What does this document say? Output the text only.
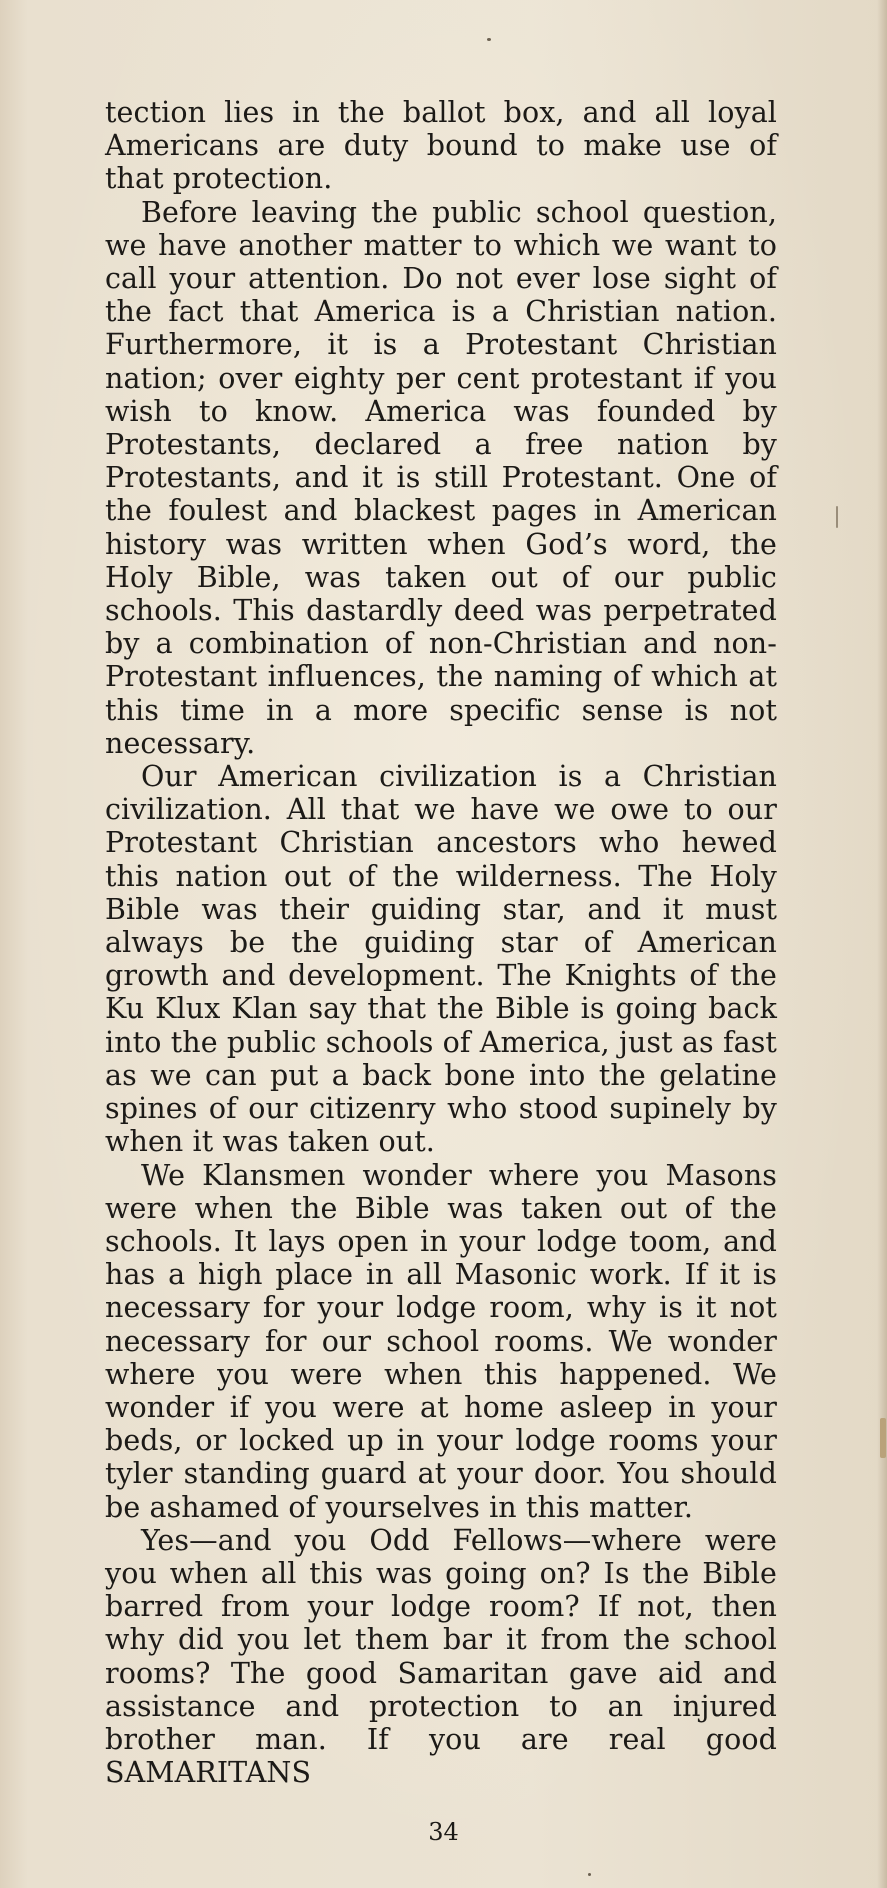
tection lies in the ballot box, and all loyal Americans are duty bound to make use of that protection.

Before leaving the public school question, we have another matter to which we want to call your attention. Do not ever lose sight of the fact that America is a Christian nation. Furthermore, it is a Protestant Christian nation; over eighty per cent protestant if you wish to know. America was founded by Protestants, declared a free nation by Protestants, and it is still Protestant. One of the foulest and blackest pages in American history was written when God’s word, the Holy Bible, was taken out of our public schools. This dastardly deed was perpetrated by a combination of non-Christian and non-Protestant influences, the naming of which at this time in a more specific sense is not necessary.

Our American civilization is a Christian civilization. All that we have we owe to our Protestant Christian ancestors who hewed this nation out of the wilderness. The Holy Bible was their guiding star, and it must always be the guiding star of American growth and development. The Knights of the Ku Klux Klan say that the Bible is going back into the public schools of America, just as fast as we can put a back bone into the gelatine spines of our citizenry who stood supinely by when it was taken out.

We Klansmen wonder where you Masons were when the Bible was taken out of the schools. It lays open in your lodge toom, and has a high place in all Masonic work. If it is necessary for your lodge room, why is it not necessary for our school rooms. We wonder where you were when this happened. We wonder if you were at home asleep in your beds, or locked up in your lodge rooms your tyler standing guard at your door. You should be ashamed of yourselves in this matter.

Yes—and you Odd Fellows—where were you when all this was going on? Is the Bible barred from your lodge room? If not, then why did you let them bar it from the school rooms? The good Samaritan gave aid and assistance and protection to an injured brother man. If you are real good SAMARITANS

34
